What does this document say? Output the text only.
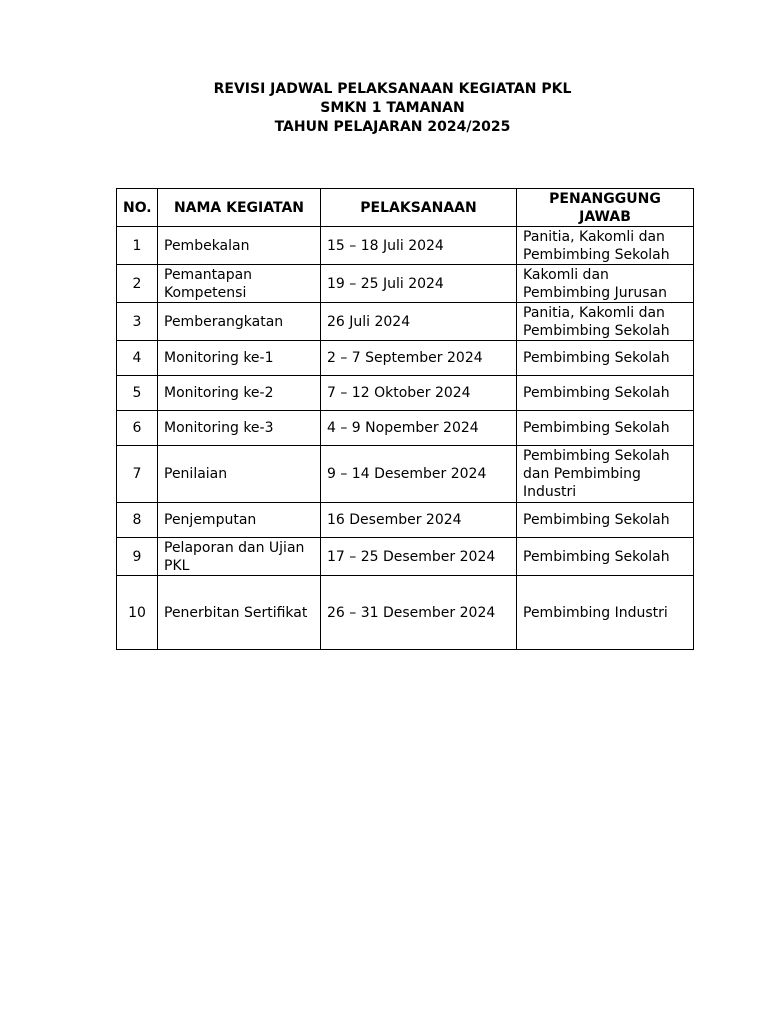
REVISI JADWAL PELAKSANAAN KEGIATAN PKL
SMKN 1 TAMANAN
TAHUN PELAJARAN 2024/2025
NO.	NAMA KEGIATAN	PELAKSANAAN	PENANGGUNG JAWAB
1	Pembekalan	15 – 18 Juli 2024	Panitia, Kakomli dan Pembimbing Sekolah
2	Pemantapan Kompetensi	19 – 25 Juli 2024	Kakomli dan Pembimbing Jurusan
3	Pemberangkatan	26 Juli 2024	Panitia, Kakomli dan Pembimbing Sekolah
4	Monitoring ke-1	2 – 7 September 2024	Pembimbing Sekolah
5	Monitoring ke-2	7 – 12 Oktober 2024	Pembimbing Sekolah
6	Monitoring ke-3	4 – 9 Nopember 2024	Pembimbing Sekolah
7	Penilaian	9 – 14 Desember 2024	Pembimbing Sekolah dan Pembimbing Industri
8	Penjemputan	16 Desember 2024	Pembimbing Sekolah
9	Pelaporan dan Ujian PKL	17 – 25 Desember 2024	Pembimbing Sekolah
10	Penerbitan Sertifikat	26 – 31 Desember 2024	Pembimbing Industri
